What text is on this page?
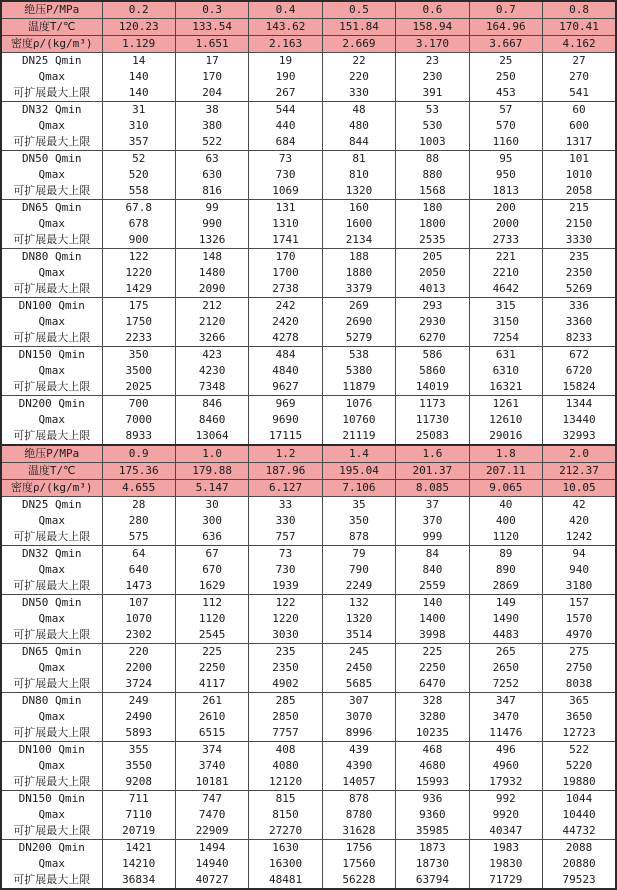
绝压P/MPa	0.2	0.3	0.4	0.5	0.6	0.7	0.8
温度T/℃	120.23	133.54	143.62	151.84	158.94	164.96	170.41
密度ρ/(kg/m³)	1.129	1.651	2.163	2.669	3.170	3.667	4.162
DN25 Qmin	14	17	19	22	23	25	27
Qmax	140	170	190	220	230	250	270
可扩展最大上限	140	204	267	330	391	453	541
DN32 Qmin	31	38	544	48	53	57	60
Qmax	310	380	440	480	530	570	600
可扩展最大上限	357	522	684	844	1003	1160	1317
DN50 Qmin	52	63	73	81	88	95	101
Qmax	520	630	730	810	880	950	1010
可扩展最大上限	558	816	1069	1320	1568	1813	2058
DN65 Qmin	67.8	99	131	160	180	200	215
Qmax	678	990	1310	1600	1800	2000	2150
可扩展最大上限	900	1326	1741	2134	2535	2733	3330
DN80 Qmin	122	148	170	188	205	221	235
Qmax	1220	1480	1700	1880	2050	2210	2350
可扩展最大上限	1429	2090	2738	3379	4013	4642	5269
DN100 Qmin	175	212	242	269	293	315	336
Qmax	1750	2120	2420	2690	2930	3150	3360
可扩展最大上限	2233	3266	4278	5279	6270	7254	8233
DN150 Qmin	350	423	484	538	586	631	672
Qmax	3500	4230	4840	5380	5860	6310	6720
可扩展最大上限	2025	7348	9627	11879	14019	16321	15824
DN200 Qmin	700	846	969	1076	1173	1261	1344
Qmax	7000	8460	9690	10760	11730	12610	13440
可扩展最大上限	8933	13064	17115	21119	25083	29016	32993
绝压P/MPa	0.9	1.0	1.2	1.4	1.6	1.8	2.0
温度T/℃	175.36	179.88	187.96	195.04	201.37	207.11	212.37
密度ρ/(kg/m³)	4.655	5.147	6.127	7.106	8.085	9.065	10.05
DN25 Qmin	28	30	33	35	37	40	42
Qmax	280	300	330	350	370	400	420
可扩展最大上限	575	636	757	878	999	1120	1242
DN32 Qmin	64	67	73	79	84	89	94
Qmax	640	670	730	790	840	890	940
可扩展最大上限	1473	1629	1939	2249	2559	2869	3180
DN50 Qmin	107	112	122	132	140	149	157
Qmax	1070	1120	1220	1320	1400	1490	1570
可扩展最大上限	2302	2545	3030	3514	3998	4483	4970
DN65 Qmin	220	225	235	245	225	265	275
Qmax	2200	2250	2350	2450	2250	2650	2750
可扩展最大上限	3724	4117	4902	5685	6470	7252	8038
DN80 Qmin	249	261	285	307	328	347	365
Qmax	2490	2610	2850	3070	3280	3470	3650
可扩展最大上限	5893	6515	7757	8996	10235	11476	12723
DN100 Qmin	355	374	408	439	468	496	522
Qmax	3550	3740	4080	4390	4680	4960	5220
可扩展最大上限	9208	10181	12120	14057	15993	17932	19880
DN150 Qmin	711	747	815	878	936	992	1044
Qmax	7110	7470	8150	8780	9360	9920	10440
可扩展最大上限	20719	22909	27270	31628	35985	40347	44732
DN200 Qmin	1421	1494	1630	1756	1873	1983	2088
Qmax	14210	14940	16300	17560	18730	19830	20880
可扩展最大上限	36834	40727	48481	56228	63794	71729	79523
